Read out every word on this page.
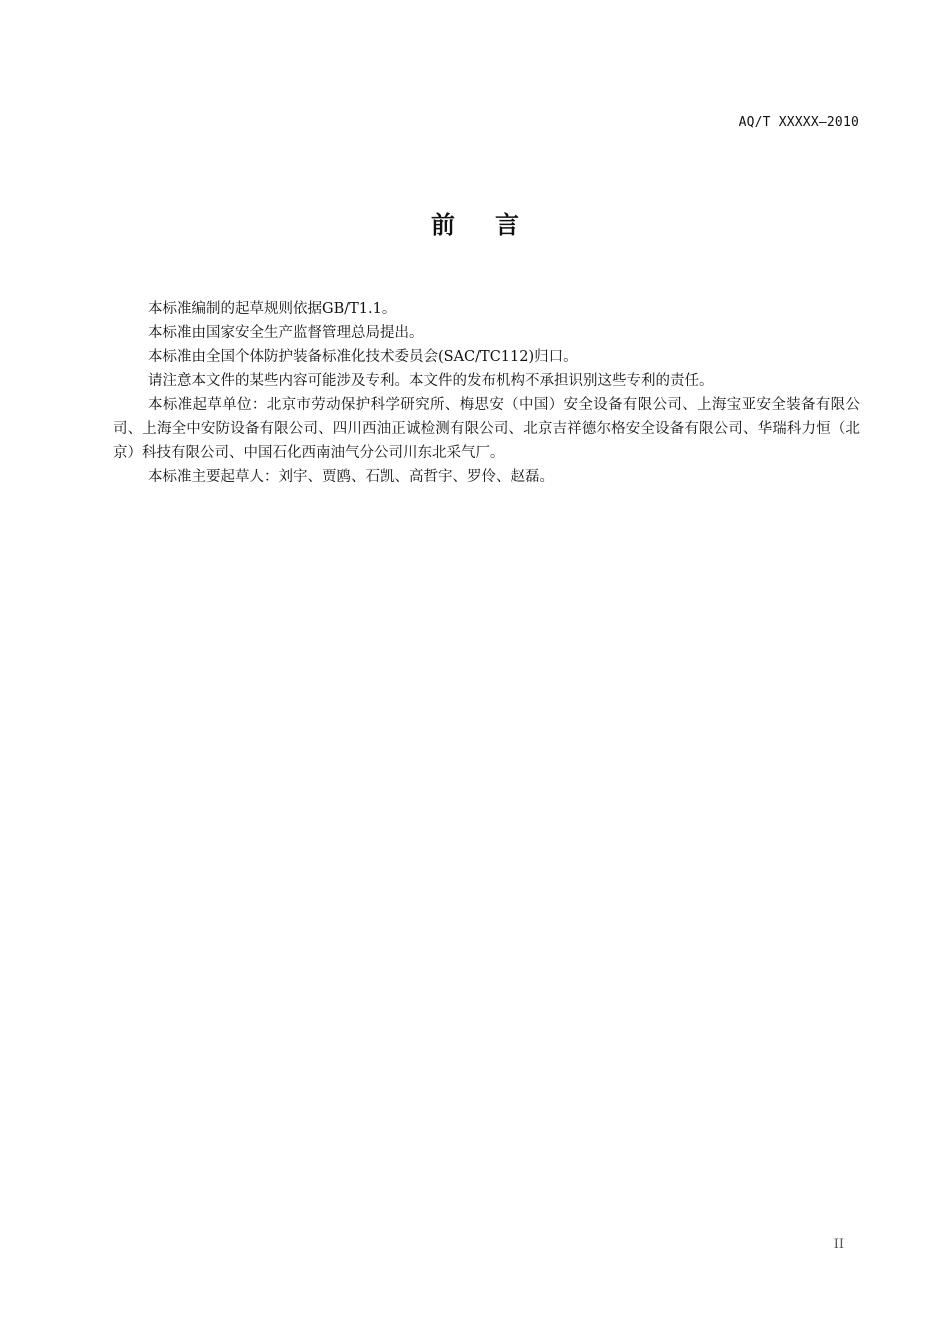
AQ/T XXXXX—2010
前言

本标准编制的起草规则依据GB/T1.1。

本标准由国家安全生产监督管理总局提出。

本标准由全国个体防护装备标准化技术委员会(SAC/TC112)归口。

请注意本文件的某些内容可能涉及专利。本文件的发布机构不承担识别这些专利的责任。

本标准起草单位：北京市劳动保护科学研究所、梅思安（中国）安全设备有限公司、上海宝亚安全装备有限公司、上海全中安防设备有限公司、四川西油正诚检测有限公司、北京吉祥德尔格安全设备有限公司、华瑞科力恒（北京）科技有限公司、中国石化西南油气分公司川东北采气厂。

本标准主要起草人：刘宇、贾鸥、石凯、高哲宇、罗伶、赵磊。

II
